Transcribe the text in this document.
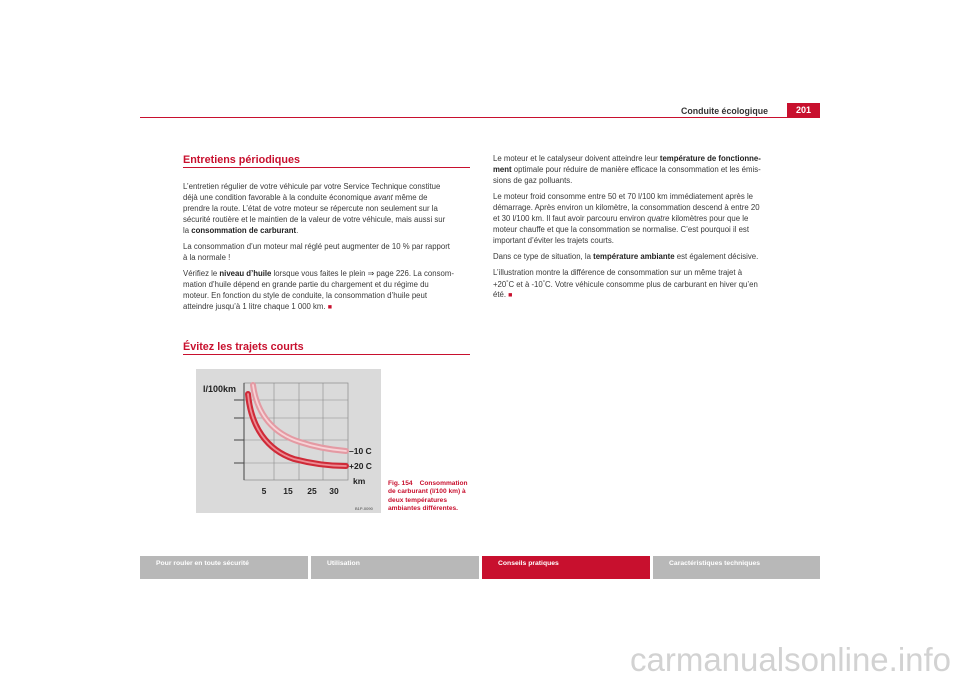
Conduite écologique	201
Entretiens périodiques
L’entretien régulier de votre véhicule par votre Service Technique constitue
déjà une condition favorable à la conduite économique avant même de
prendre la route. L’état de votre moteur se répercute non seulement sur la
sécurité routière et le maintien de la valeur de votre véhicule, mais aussi sur
la consommation de carburant.
La consommation d’un moteur mal réglé peut augmenter de 10 % par rapport
à la normale !
Vérifiez le niveau d’huile lorsque vous faites le plein ⇒ page 226. La consom-
mation d’huile dépend en grande partie du chargement et du régime du
moteur. En fonction du style de conduite, la consommation d’huile peut
atteindre jusqu’à 1 litre chaque 1 000 km. ■
Évitez les trajets courts
l/100km
–10 C
+20 C
km
5 15 25 30
B1P-0090
Fig. 154 Consommation
de carburant (l/100 km) à
deux températures
ambiantes différentes.
Le moteur et le catalyseur doivent atteindre leur température de fonctionne-
ment optimale pour réduire de manière efficace la consommation et les émis-
sions de gaz polluants.
Le moteur froid consomme entre 50 et 70 l/100 km immédiatement après le
démarrage. Après environ un kilomètre, la consommation descend à entre 20
et 30 l/100 km. Il faut avoir parcouru environ quatre kilomètres pour que le
moteur chauffe et que la consommation se normalise. C’est pourquoi il est
important d’éviter les trajets courts.
Dans ce type de situation, la température ambiante est également décisive.
L’illustration montre la différence de consommation sur un même trajet à
+20°C et à -10°C. Votre véhicule consomme plus de carburant en hiver qu’en
été. ■
Pour rouler en toute sécurité	Utilisation	Conseils pratiques	Caractéristiques techniques
carmanualsonline.info
